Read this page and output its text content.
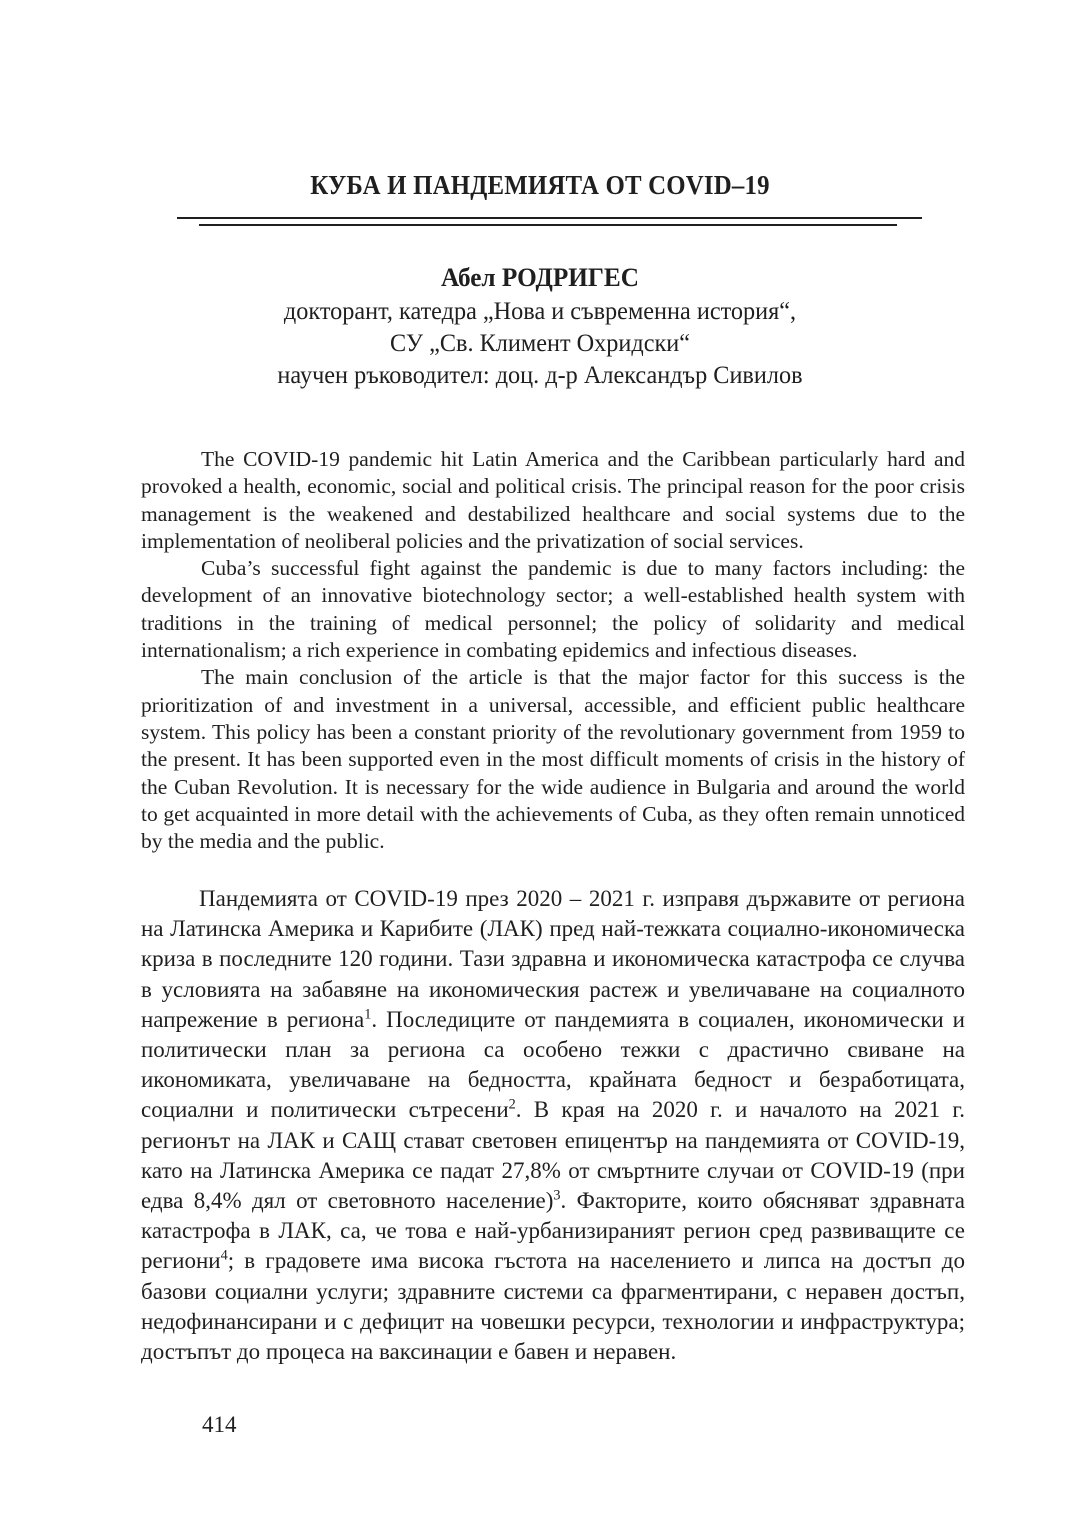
КУБА И ПАНДЕМИЯТА ОТ COVID–19
Абел РОДРИГЕС
докторант, катедра „Нова и съвременна история“,
СУ „Св. Климент Охридски“
научен ръководител: доц. д-р Александър Сивилов

The COVID-19 pandemic hit Latin America and the Caribbean particularly hard and provoked a health, economic, social and political crisis. The principal reason for the poor crisis management is the weakened and destabilized healthcare and social systems due to the implementation of neoliberal policies and the privatization of social services.

Cuba’s successful fight against the pandemic is due to many factors including: the development of an innovative biotechnology sector; a well-established health system with traditions in the training of medical personnel; the policy of solidarity and medical internationalism; a rich experience in combating epidemics and infectious diseases.

The main conclusion of the article is that the major factor for this success is the prioritization of and investment in a universal, accessible, and efficient public healthcare system. This policy has been a constant priority of the revolutionary government from 1959 to the present. It has been supported even in the most difficult moments of crisis in the history of the Cuban Revolution. It is necessary for the wide audience in Bulgaria and around the world to get acquainted in more detail with the achievements of Cuba, as they often remain unnoticed by the media and the public.

Пандемията от COVID-19 през 2020 – 2021 г. изправя държавите от региона на Латинска Америка и Карибите (ЛАК) пред най-тежката социално-икономическа криза в последните 120 години. Тази здравна и икономическа катастрофа се случва в условията на забавяне на икономическия растеж и увеличаване на социалното напрежение в региона$^1$. Последиците от пандемията в социален, икономически и политически план за региона са особено тежки с драстично свиване на икономиката, увеличаване на бедността, крайната бедност и безработицата, социални и политически сътресени$^2$. В края на 2020 г. и началото на 2021 г. регионът на ЛАК и САЩ стават световен епицентър на пандемията от COVID-19, като на Латинска Америка се падат 27,8% от смъртните случаи от COVID-19 (при едва 8,4% дял от световното население)$^3$. Факторите, които обясняват здравната катастрофа в ЛАК, са, че това е най-урбанизираният регион сред развиващите се региони$^4$; в градовете има висока гъстота на населението и липса на достъп до базови социални услуги; здравните системи са фрагментирани, с неравен достъп, недофинансирани и с дефицит на човешки ресурси, технологии и инфраструктура; достъпът до процеса на ваксинации е бавен и неравен.

414
